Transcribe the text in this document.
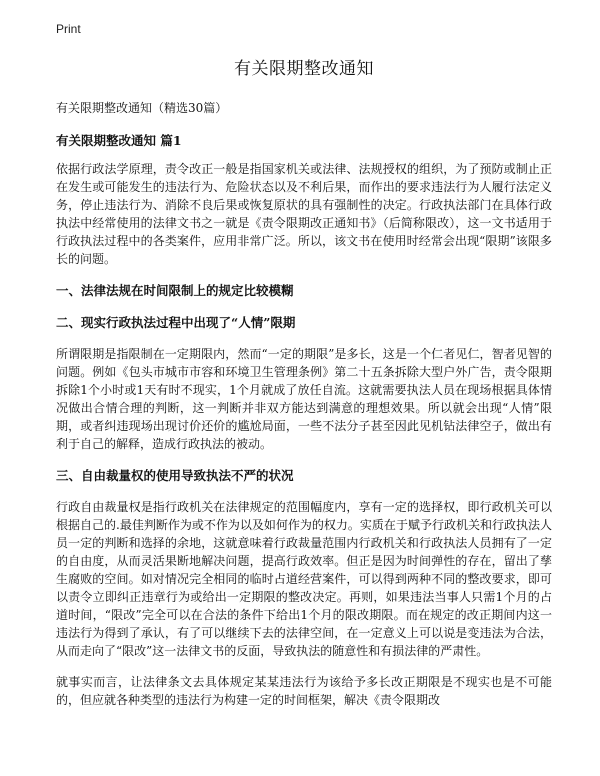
Print
有关限期整改通知
有关限期整改通知（精选30篇）
有关限期整改通知 篇1

依据行政法学原理，责令改正一般是指国家机关或法律、法规授权的组织，为了预防或制止正在发生或可能发生的违法行为、危险状态以及不利后果，而作出的要求违法行为人履行法定义务，停止违法行为、消除不良后果或恢复原状的具有强制性的决定。行政执法部门在具体行政执法中经常使用的法律文书之一就是《责令限期改正通知书》（后简称限改），这一文书适用于行政执法过程中的各类案件，应用非常广泛。所以，该文书在使用时经常会出现“限期”该限多长的问题。

一、法律法规在时间限制上的规定比较模糊
二、现实行政执法过程中出现了“人情”限期

所谓限期是指限制在一定期限内，然而“一定的期限”是多长，这是一个仁者见仁，智者见智的问题。例如《包头市城市市容和环境卫生管理条例》第二十五条拆除大型户外广告，责令限期拆除1个小时或1天有时不现实，1个月就成了放任自流。这就需要执法人员在现场根据具体情况做出合情合理的判断，这一判断并非双方能达到满意的理想效果。所以就会出现“人情”限期，或者纠违现场出现讨价还价的尴尬局面，一些不法分子甚至因此见机钻法律空子，做出有利于自己的解释，造成行政执法的被动。

三、自由裁量权的使用导致执法不严的状况

行政自由裁量权是指行政机关在法律规定的范围幅度内，享有一定的选择权，即行政机关可以根据自己的.最佳判断作为或不作为以及如何作为的权力。实质在于赋予行政机关和行政执法人员一定的判断和选择的余地，这就意味着行政裁量范围内行政机关和行政执法人员拥有了一定的自由度，从而灵活果断地解决问题，提高行政效率。但正是因为时间弹性的存在，留出了孳生腐败的空间。如对情况完全相同的临时占道经营案件，可以得到两种不同的整改要求，即可以责令立即纠正违章行为或给出一定期限的整改决定。再则，如果违法当事人只需1个月的占道时间，“限改”完全可以在合法的条件下给出1个月的限改期限。而在规定的改正期间内这一违法行为得到了承认，有了可以继续下去的法律空间，在一定意义上可以说是变违法为合法，从而走向了“限改”这一法律文书的反面，导致执法的随意性和有损法律的严肃性。

就事实而言，让法律条文去具体规定某某违法行为该给予多长改正期限是不现实也是不可能的，但应就各种类型的违法行为构建一定的时间框架，解决《责令限期改
